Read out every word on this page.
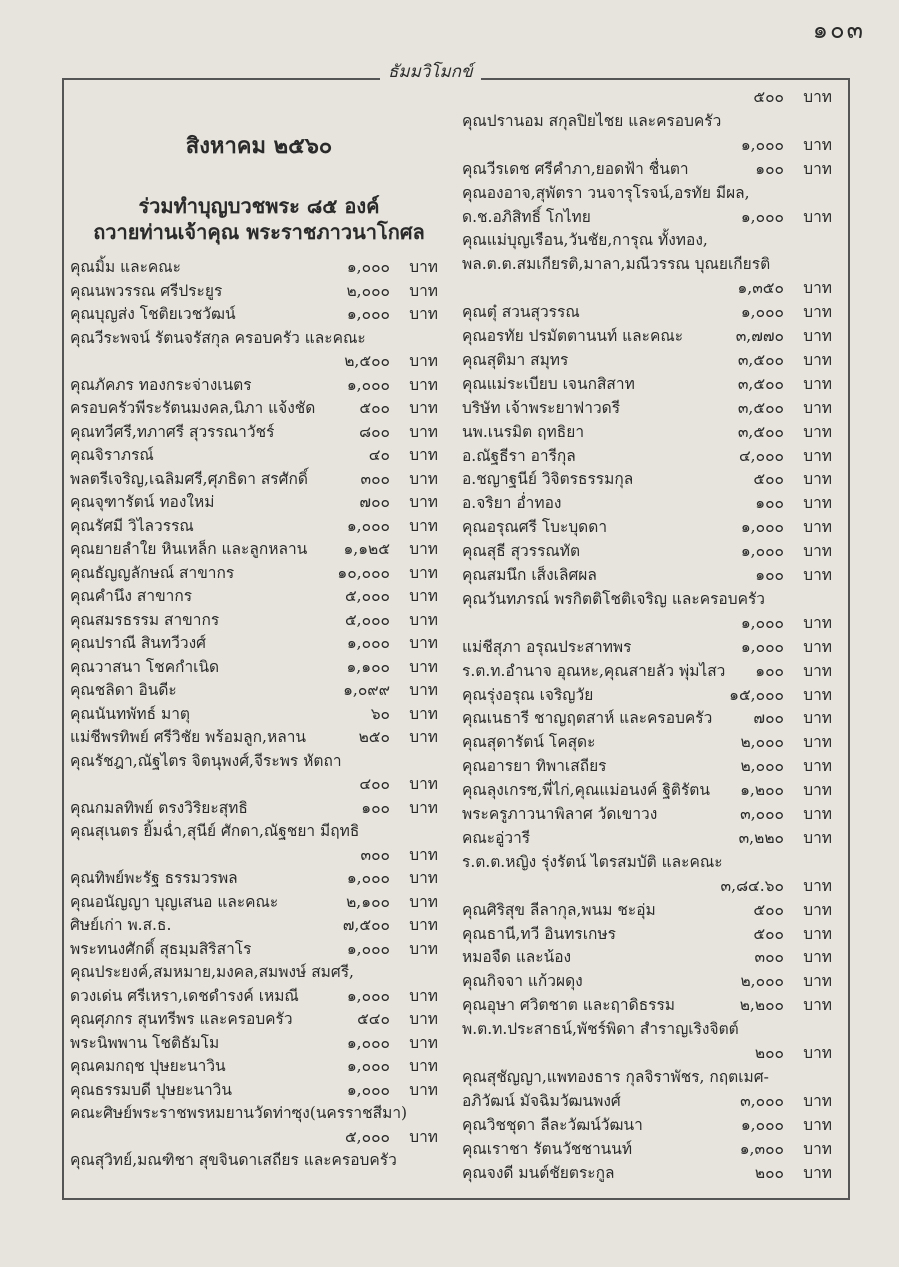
๑๐๓
ธัมมวิโมกข์
สิงหาคม ๒๕๖๐
ร่วมทำบุญบวชพระ ๘๕ องค์
ถวายท่านเจ้าคุณ พระราชภาวนาโกศล
คุณมิ้ม และคณะ	๑,๐๐๐ บาท
คุณนพวรรณ ศรีประยูร	๒,๐๐๐ บาท
คุณบุญส่ง โชติยเวชวัฒน์	๑,๐๐๐ บาท
คุณวีระพจน์ รัตนจรัสกุล ครอบครัว และคณะ
๒,๕๐๐ บาท
คุณภัคภร ทองกระจ่างเนตร	๑,๐๐๐ บาท
ครอบครัวพีระรัตนมงคล,นิภา แจ้งชัด	๕๐๐ บาท
คุณทวีศรี,ทภาศรี สุวรรณาวัชร์	๘๐๐ บาท
คุณจิราภรณ์	๔๐ บาท
พลตรีเจริญ,เฉลิมศรี,ศุภธิดา สรศักดิ์	๓๐๐ บาท
คุณจุฑารัตน์ ทองใหม่	๗๐๐ บาท
คุณรัศมี วิไลวรรณ	๑,๐๐๐ บาท
คุณยายลำใย หินเหล็ก และลูกหลาน ๑,๑๒๕ บาท
คุณธัญญลักษณ์ สาขากร	๑๐,๐๐๐ บาท
คุณคำนึง สาขากร	๕,๐๐๐ บาท
คุณสมรธรรม สาขากร	๕,๐๐๐ บาท
คุณปราณี สินทวีวงศ์	๑,๐๐๐ บาท
คุณวาสนา โชคกำเนิด	๑,๑๐๐ บาท
คุณชลิดา อินดีะ	๑,๐๙๙ บาท
คุณนันทพัทธ์ มาตุ	๖๐ บาท
แม่ชีพรทิพย์ ศรีวิชัย พร้อมลูก,หลาน	๒๕๐ บาท
คุณรัชฎา,ณัฐไตร จิตนุพงศ์,จีระพร หัตถา
๔๐๐ บาท
คุณกมลทิพย์ ตรงวิริยะสุทธิ	๑๐๐ บาท
คุณสุเนตร ยิ้มฉ่ำ,สุนีย์ ศักดา,ณัฐชยา มีฤทธิ
๓๐๐ บาท
คุณทิพย์พะรัฐ ธรรมวรพล	๑,๐๐๐ บาท
คุณอนัญญา บุญเสนอ และคณะ	๒,๑๐๐ บาท
ศิษย์เก่า พ.ส.ธ.	๗,๕๐๐ บาท
พระทนงศักดิ์ สุธมฺมสิริสาโร	๑,๐๐๐ บาท
คุณประยงค์,สมหมาย,มงคล,สมพงษ์ สมศรี,
ดวงเด่น ศรีเหรา,เดชดำรงค์ เหมณี	๑,๐๐๐ บาท
คุณศุภกร สุนทรีพร และครอบครัว	๕๔๐ บาท
พระนิพพาน โชติธัมโม	๑,๐๐๐ บาท
คุณคมกฤช ปุษยะนาวิน	๑,๐๐๐ บาท
คุณธรรมบดี ปุษยะนาวิน	๑,๐๐๐ บาท
คณะศิษย์พระราชพรหมยานวัดท่าซุง(นครราชสีมา)
๕,๐๐๐ บาท
คุณสุวิทย์,มณฑิชา สุขจินดาเสถียร และครอบครัว
๕๐๐ บาท
คุณปรานอม สกุลปิยไชย และครอบครัว
๑,๐๐๐ บาท
คุณวีรเดช ศรีคำภา,ยอดฟ้า ชื่นตา	๑๐๐ บาท
คุณองอาจ,สุพัตรา วนจารุโรจน์,อรทัย มีผล,
ด.ช.อภิสิทธิ์ โกไทย	๑,๐๐๐ บาท
คุณแม่บุญเรือน,วันชัย,การุณ ทั้งทอง,
พล.ต.ต.สมเกียรติ,มาลา,มณีวรรณ บุณยเกียรติ
๑,๓๕๐ บาท
คุณตุ๋ สวนสุวรรณ	๑,๐๐๐ บาท
คุณอรทัย ปรมัตตานนท์ และคณะ	๓,๗๗๐ บาท
คุณสุติมา สมุทร	๓,๕๐๐ บาท
คุณแม่ระเบียบ เจนกสิสาท	๓,๕๐๐ บาท
บริษัท เจ้าพระยาฟาวดรี	๓,๕๐๐ บาท
นพ.เนรมิต ฤทธิยา	๓,๕๐๐ บาท
อ.ณัฐธีรา อารีกุล	๔,๐๐๐ บาท
อ.ชญาฐนีย์ วิจิตรธรรมกุล	๕๐๐ บาท
อ.จริยา อ่ำทอง	๑๐๐ บาท
คุณอรุณศรี โบะบุดดา	๑,๐๐๐ บาท
คุณสุธี สุวรรณทัต	๑,๐๐๐ บาท
คุณสมนึก เส็งเลิศผล	๑๐๐ บาท
คุณวันทภรณ์ พรกิตติโชติเจริญ และครอบครัว
๑,๐๐๐ บาท
แม่ชีสุภา อรุณประสาทพร	๑,๐๐๐ บาท
ร.ต.ท.อำนาจ อุณหะ,คุณสายลัว พุ่มไสว ๑๐๐ บาท
คุณรุ่งอรุณ เจริญวัย	๑๕,๐๐๐ บาท
คุณเนธารี ชาญฤตสาห์ และครอบครัว	๗๐๐ บาท
คุณสุดารัตน์ โคสุดะ	๒,๐๐๐ บาท
คุณอารยา ทิพาเสถียร	๒,๐๐๐ บาท
คุณลุงเกรซ,พี่ไก่,คุณแม่อนงค์ ฐิติรัตน ๑,๒๐๐ บาท
พระครูภาวนาพิลาศ วัดเขาวง	๓,๐๐๐ บาท
คณะอู่วารี	๓,๒๒๐ บาท
ร.ต.ต.หญิง รุ่งรัตน์ ไตรสมบัติ และคณะ
๓,๘๔.๖๐ บาท
คุณศิริสุข ลีลากุล,พนม ชะอุ่ม	๕๐๐ บาท
คุณธานี,ทวี อินทรเกษร	๕๐๐ บาท
หมอจืด และน้อง	๓๐๐ บาท
คุณกิจจา แก้วผดุง	๒,๐๐๐ บาท
คุณอุษา ศวิตชาต และฤาดิธรรม	๒,๒๐๐ บาท
พ.ต.ท.ประสาธน์,พัชร์พิดา สำราญเริงจิตต์
๒๐๐ บาท
คุณสุชัญญา,แพทองธาร กุลจิราพัชร, กฤตเมศ-
อภิวัฒน์ มัจฉิมวัฒนพงศ์	๓,๐๐๐ บาท
คุณวิชชุดา ลีละวัฒน์วัฒนา	๑,๐๐๐ บาท
คุณเราชา รัตนวัชชานนท์	๑,๓๐๐ บาท
คุณจงดี มนต์ชัยตระกูล	๒๐๐ บาท
